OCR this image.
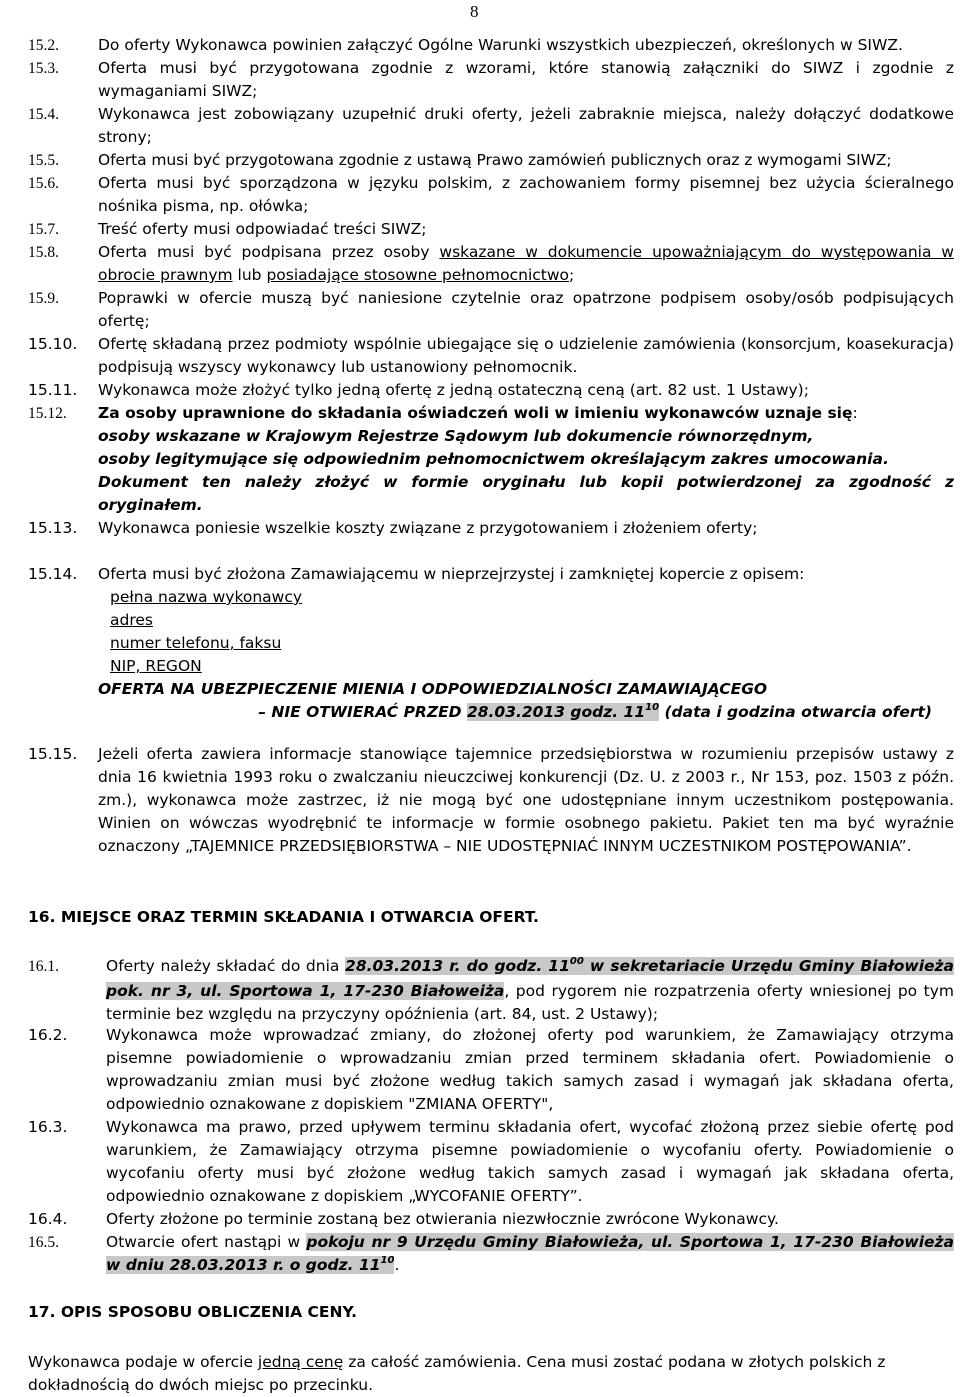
8
15.2.	Do oferty Wykonawca powinien załączyć Ogólne Warunki wszystkich ubezpieczeń, określonych w SIWZ.
15.3.	Oferta musi być przygotowana zgodnie z wzorami, które stanowią załączniki do SIWZ i zgodnie z wymaganiami SIWZ;
15.4.	Wykonawca jest zobowiązany uzupełnić druki oferty, jeżeli zabraknie miejsca, należy dołączyć dodatkowe strony;
15.5.	Oferta musi być przygotowana zgodnie z ustawą Prawo zamówień publicznych oraz z wymogami SIWZ;
15.6.	Oferta musi być sporządzona w języku polskim, z zachowaniem formy pisemnej bez użycia ścieralnego nośnika pisma, np. ołówka;
15.7.	Treść oferty musi odpowiadać treści SIWZ;
15.8.	Oferta musi być podpisana przez osoby wskazane w dokumencie upoważniającym do występowania w obrocie prawnym lub posiadające stosowne pełnomocnictwo;
15.9.	Poprawki w ofercie muszą być naniesione czytelnie oraz opatrzone podpisem osoby/osób podpisujących ofertę;
15.10.	Ofertę składaną przez podmioty wspólnie ubiegające się o udzielenie zamówienia (konsorcjum, koasekuracja) podpisują wszyscy wykonawcy lub ustanowiony pełnomocnik.
15.11.	Wykonawca może złożyć tylko jedną ofertę z jedną ostateczną ceną (art. 82 ust. 1 Ustawy);
15.12.	Za osoby uprawnione do składania oświadczeń woli w imieniu wykonawców uznaje się:
osoby wskazane w Krajowym Rejestrze Sądowym lub dokumencie równorzędnym,
osoby legitymujące się odpowiednim pełnomocnictwem określającym zakres umocowania.
Dokument ten należy złożyć w formie oryginału lub kopii potwierdzonej za zgodność z oryginałem.
15.13.	Wykonawca poniesie wszelkie koszty związane z przygotowaniem i złożeniem oferty;
15.14.	Oferta musi być złożona Zamawiającemu w nieprzejrzystej i zamkniętej kopercie z opisem:
pełna nazwa wykonawcy
adres
numer telefonu, faksu
NIP, REGON
OFERTA NA UBEZPIECZENIE MIENIA I ODPOWIEDZIALNOŚCI ZAMAWIAJĄCEGO
– NIE OTWIERAĆ PRZED 28.03.2013 godz. $11^{10}$ (data i godzina otwarcia ofert)
15.15.	Jeżeli oferta zawiera informacje stanowiące tajemnice przedsiębiorstwa w rozumieniu przepisów ustawy z dnia 16 kwietnia 1993 roku o zwalczaniu nieuczciwej konkurencji (Dz. U. z 2003 r., Nr 153, poz. 1503 z późn. zm.), wykonawca może zastrzec, iż nie mogą być one udostępniane innym uczestnikom postępowania. Winien on wówczas wyodrębnić te informacje w formie osobnego pakietu. Pakiet ten ma być wyraźnie oznaczony „TAJEMNICE PRZEDSIĘBIORSTWA – NIE UDOSTĘPNIAĆ INNYM UCZESTNIKOM POSTĘPOWANIA”.
16. MIEJSCE ORAZ TERMIN SKŁADANIA I OTWARCIA OFERT.
16.1.	Oferty należy składać do dnia 28.03.2013 r. do godz. $11^{00}$ w sekretariacie Urzędu Gminy Białowieża pok. nr 3, ul. Sportowa 1, 17-230 Białoweiża, pod rygorem nie rozpatrzenia oferty wniesionej po tym terminie bez względu na przyczyny opóźnienia (art. 84, ust. 2 Ustawy);
16.2.	Wykonawca może wprowadzać zmiany, do złożonej oferty pod warunkiem, że Zamawiający otrzyma pisemne powiadomienie o wprowadzaniu zmian przed terminem składania ofert. Powiadomienie o wprowadzaniu zmian musi być złożone według takich samych zasad i wymagań jak składana oferta, odpowiednio oznakowane z dopiskiem "ZMIANA OFERTY",
16.3.	Wykonawca ma prawo, przed upływem terminu składania ofert, wycofać złożoną przez siebie ofertę pod warunkiem, że Zamawiający otrzyma pisemne powiadomienie o wycofaniu oferty. Powiadomienie o wycofaniu oferty musi być złożone według takich samych zasad i wymagań jak składana oferta, odpowiednio oznakowane z dopiskiem „WYCOFANIE OFERTY”.
16.4.	Oferty złożone po terminie zostaną bez otwierania niezwłocznie zwrócone Wykonawcy.
16.5.	Otwarcie ofert nastąpi w pokoju nr 9 Urzędu Gminy Białowieża, ul. Sportowa 1, 17-230 Białowieża w dniu 28.03.2013 r. o godz. $11^{10}$.
17. OPIS SPOSOBU OBLICZENIA CENY.
Wykonawca podaje w ofercie jedną cenę za całość zamówienia. Cena musi zostać podana w złotych polskich z dokładnością do dwóch miejsc po przecinku.
